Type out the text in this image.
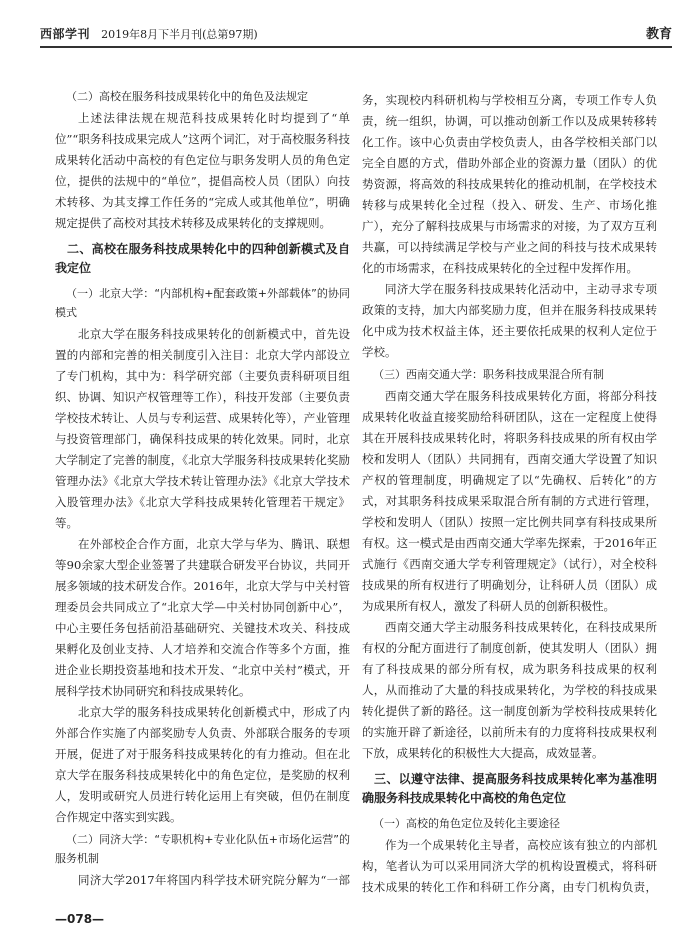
西部学刊 2019年8月下半月刊(总第97期)	教育

（二）高校在服务科技成果转化中的角色及法规定

上述法律法规在规范科技成果转化时均提到了“单位”“职务科技成果完成人”这两个词汇，对于高校服务科技成果转化活动中高校的有色定位与职务发明人员的角色定位，提供的法规中的“单位”，提倡高校人员（团队）向技术转移、为其支撑工作任务的“完成人或其他单位”，明确规定提供了高校对其技术转移及成果转化的支撑规则。

二、高校在服务科技成果转化中的四种创新模式及自我定位

（一）北京大学：“内部机构+配套政策+外部载体”的协同模式

北京大学在服务科技成果转化的创新模式中，首先设置的内部和完善的相关制度引入注目：北京大学内部设立了专门机构，其中为：科学研究部（主要负责科研项目组织、协调、知识产权管理等工作），科技开发部（主要负责学校技术转让、人员与专利运营、成果转化等），产业管理与投资管理部门，确保科技成果的转化效果。同时，北京大学制定了完善的制度，《北京大学服务科技成果转化奖励管理办法》《北京大学技术转让管理办法》《北京大学技术入股管理办法》《北京大学科技成果转化管理若干规定》等。

在外部校企合作方面，北京大学与华为、腾讯、联想等90余家大型企业签署了共建联合研发平台协议，共同开展多领域的技术研发合作。2016年，北京大学与中关村管理委员会共同成立了“北京大学—中关村协同创新中心”，中心主要任务包括前沿基础研究、关键技术攻关、科技成果孵化及创业支持、人才培养和交流合作等多个方面，推进企业长期投资基地和技术开发、“北京中关村”模式，开展科学技术协同研究和科技成果转化。

北京大学的服务科技成果转化创新模式中，形成了内外部合作实施了内部奖励专人负责、外部联合服务的专项开展，促进了对于服务科技成果转化的有力推动。但在北京大学在服务科技成果转化中的角色定位，是奖励的权利人，发明或研究人员进行转化运用上有突破，但仍在制度合作规定中落实到实践。

（二）同济大学：“专职机构+专业化队伍+市场化运营”的服务机制

同济大学2017年将国内科学技术研究院分解为“一部

务，实现校内科研机构与学校相互分离，专项工作专人负责，统一组织，协调，可以推动创新工作以及成果转移转化工作。该中心负责由学校负责人，由各学校相关部门以完全自愿的方式，借助外部企业的资源力量（团队）的优势资源，将高效的科技成果转化的推动机制，在学校技术转移与成果转化全过程（投入、研发、生产、市场化推广），充分了解科技成果与市场需求的对接，为了双方互利共赢，可以持续满足学校与产业之间的科技与技术成果转化的市场需求，在科技成果转化的全过程中发挥作用。

同济大学在服务科技成果转化活动中，主动寻求专项政策的支持，加大内部奖励力度，但并在服务科技成果转化中成为技术权益主体，还主要依托成果的权利人定位于学校。

（三）西南交通大学：职务科技成果混合所有制

西南交通大学在服务科技成果转化方面，将部分科技成果转化收益直接奖励给科研团队，这在一定程度上使得其在开展科技成果转化时，将职务科技成果的所有权由学校和发明人（团队）共同拥有，西南交通大学设置了知识产权的管理制度，明确规定了以“先确权、后转化”的方式，对其职务科技成果采取混合所有制的方式进行管理，学校和发明人（团队）按照一定比例共同享有科技成果所有权。这一模式是由西南交通大学率先探索，于2016年正式施行《西南交通大学专利管理规定》（试行），对全校科技成果的所有权进行了明确划分，让科研人员（团队）成为成果所有权人，激发了科研人员的创新积极性。

西南交通大学主动服务科技成果转化，在科技成果所有权的分配方面进行了制度创新，使其发明人（团队）拥有了科技成果的部分所有权，成为职务科技成果的权利人，从而推动了大量的科技成果转化，为学校的科技成果转化提供了新的路径。这一制度创新为学校科技成果转化的实施开辟了新途径，以前所未有的力度将科技成果权利下放，成果转化的积极性大大提高，成效显著。

三、以遵守法律、提高服务科技成果转化率为基准明确服务科技成果转化中高校的角色定位

（一）高校的角色定位及转化主要途径

作为一个成果转化主导者，高校应该有独立的内部机构，笔者认为可以采用同济大学的机构设置模式，将科研技术成果的转化工作和科研工作分离，由专门机构负责，

—078—
